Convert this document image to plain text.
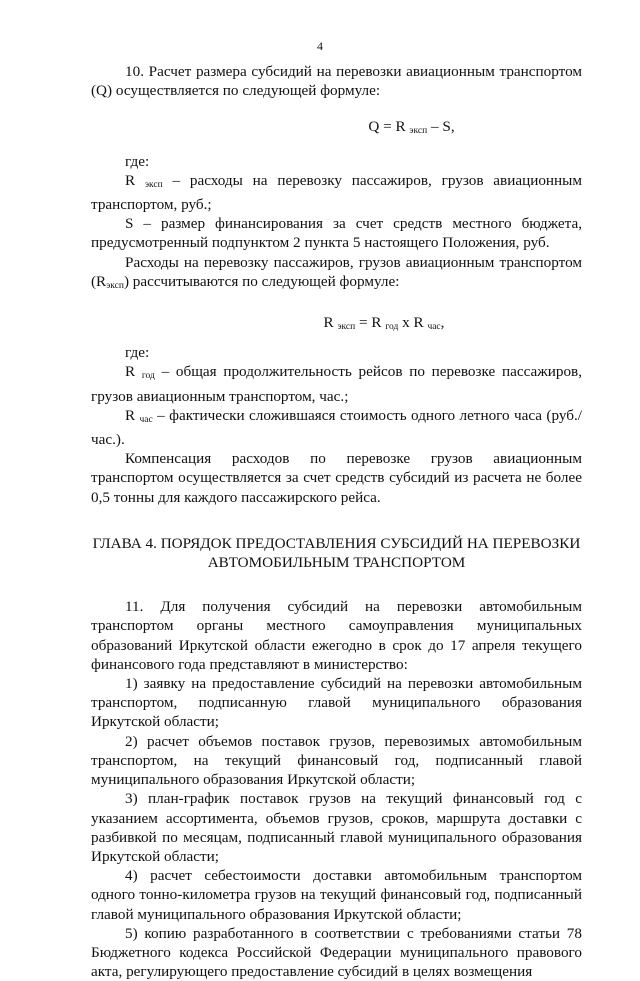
4

10. Расчет размера субсидий на перевозки авиационным транспортом (Q) осуществляется по следующей формуле:

Q = R $_{эксп}$ – S,

где:

R $_{эксп}$ – расходы на перевозку пассажиров, грузов авиационным транспортом, руб.;

S – размер финансирования за счет средств местного бюджета, предусмотренный подпунктом 2 пункта 5 настоящего Положения, руб.

Расходы на перевозку пассажиров, грузов авиационным транспортом $(R_{эксп})$ рассчитываются по следующей формуле:

R $_{эксп}$ = R $_{год}$ x R $_{час}$,

где:

R $_{год}$ – общая продолжительность рейсов по перевозке пассажиров, грузов авиационным транспортом, час.;

R $_{час}$ – фактически сложившаяся стоимость одного летного часа (руб./час.).

Компенсация расходов по перевозке грузов авиационным транспортом осуществляется за счет средств субсидий из расчета не более 0,5 тонны для каждого пассажирского рейса.

ГЛАВА 4. ПОРЯДОК ПРЕДОСТАВЛЕНИЯ СУБСИДИЙ НА ПЕРЕВОЗКИ АВТОМОБИЛЬНЫМ ТРАНСПОРТОМ

11. Для получения субсидий на перевозки автомобильным транспортом органы местного самоуправления муниципальных образований Иркутской области ежегодно в срок до 17 апреля текущего финансового года представляют в министерство:

1) заявку на предоставление субсидий на перевозки автомобильным транспортом, подписанную главой муниципального образования Иркутской области;

2) расчет объемов поставок грузов, перевозимых автомобильным транспортом, на текущий финансовый год, подписанный главой муниципального образования Иркутской области;

3) план-график поставок грузов на текущий финансовый год с указанием ассортимента, объемов грузов, сроков, маршрута доставки с разбивкой по месяцам, подписанный главой муниципального образования Иркутской области;

4) расчет себестоимости доставки автомобильным транспортом одного тонно-километра грузов на текущий финансовый год, подписанный главой муниципального образования Иркутской области;

5) копию разработанного в соответствии с требованиями статьи 78 Бюджетного кодекса Российской Федерации муниципального правового акта, регулирующего предоставление субсидий в целях возмещения
